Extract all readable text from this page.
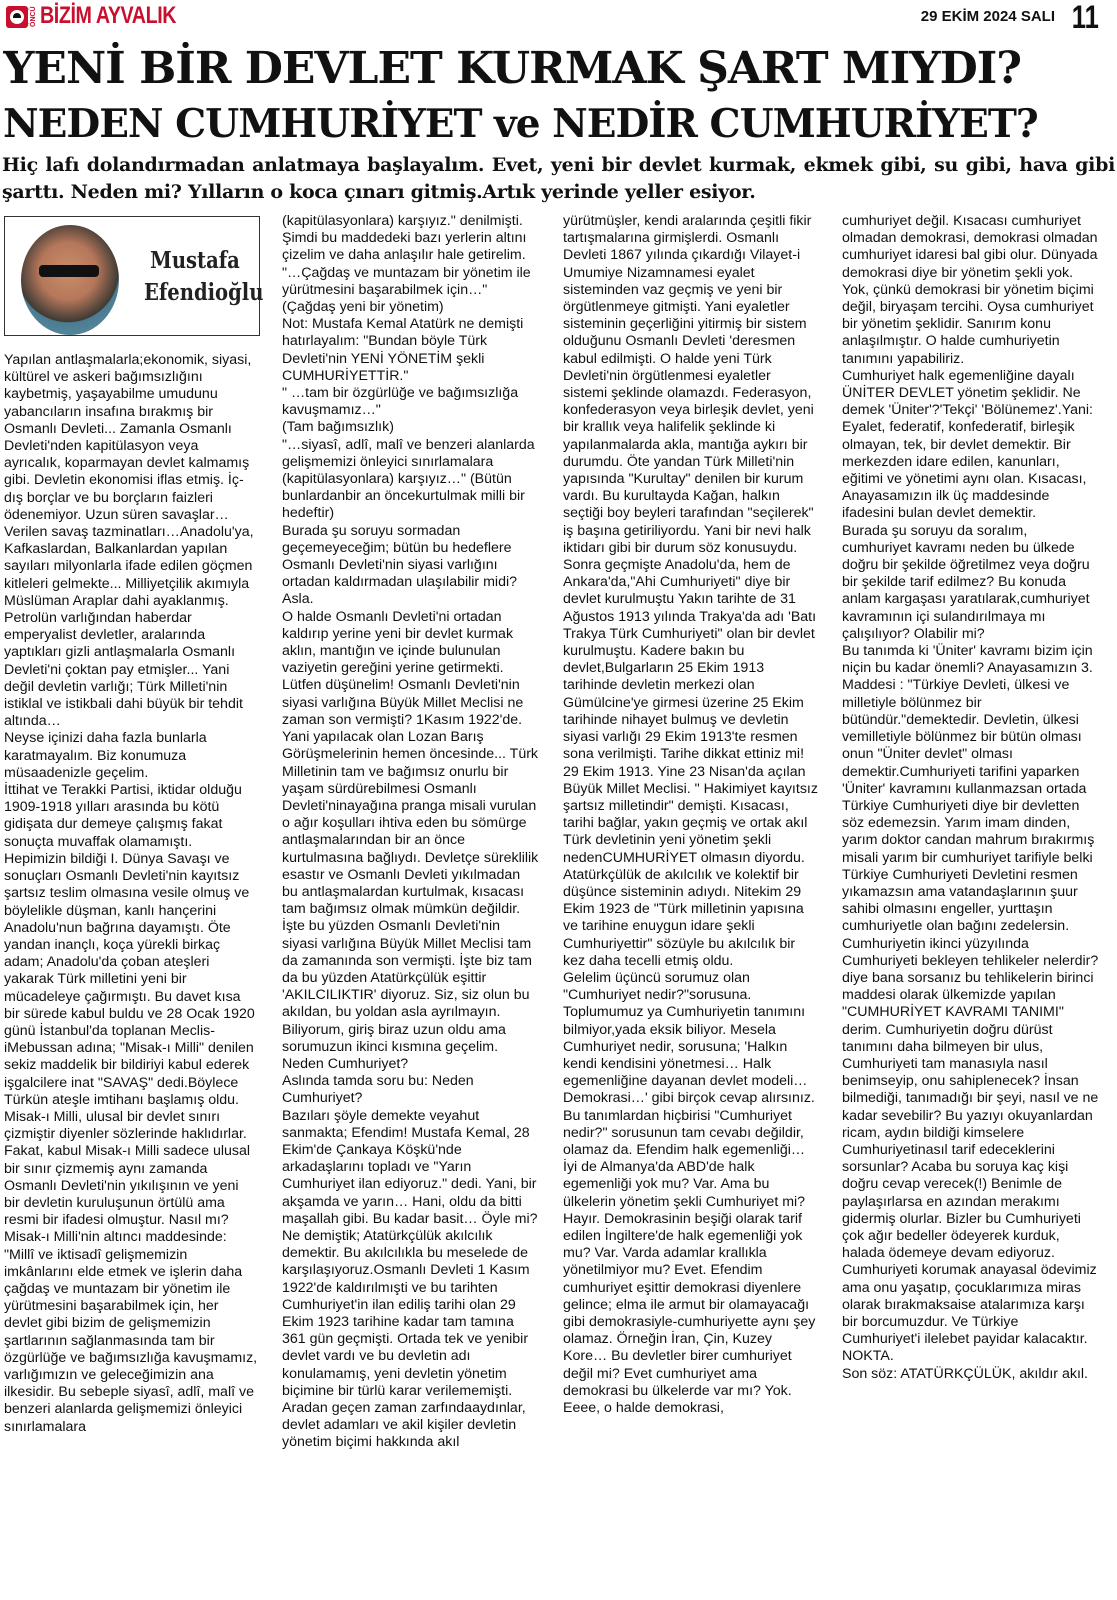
ÖNCÜ BİZİM AYVALIK	29 EKİM 2024 SALI 11
YENİ BİR DEVLET KURMAK ŞART MIYDI?
NEDEN CUMHURİYET ve NEDİR CUMHURİYET?
Hiç lafı dolandırmadan anlatmaya başlayalım. Evet, yeni bir devlet kurmak, ekmek gibi, su gibi, hava gibi şarttı. Neden mi? Yılların o koca çınarı gitmiş.Artık yerinde yeller esiyor.
Mustafa Efendioğlu

Yapılan antlaşmalarla;ekonomik, siyasi, kültürel ve askeri bağımsızlığını kaybetmiş, yaşayabilme umudunu yabancıların insafına bırakmış bir Osmanlı Devleti... Zamanla Osmanlı Devleti'nden kapitülasyon veya ayrıcalık, koparmayan devlet kalmamış gibi. Devletin ekonomisi iflas etmiş. İç-dış borçlar ve bu borçların faizleri ödenemiyor. Uzun süren savaşlar…Verilen savaş tazminatları…Anadolu'ya, Kafkaslardan, Balkanlardan yapılan sayıları milyonlarla ifade edilen göçmen kitleleri gelmekte... Milliyetçilik akımıyla Müslüman Araplar dahi ayaklanmış. Petrolün varlığından haberdar emperyalist devletler, aralarında yaptıkları gizli antlaşmalarla Osmanlı Devleti'ni çoktan pay etmişler... Yani değil devletin varlığı; Türk Milleti'nin istiklal ve istikbali dahi büyük bir tehdit altında…
Neyse içinizi daha fazla bunlarla karatmayalım. Biz konumuza müsaadenizle geçelim.
İttihat ve Terakki Partisi, iktidar olduğu 1909-1918 yılları arasında bu kötü gidişata dur demeye çalışmış fakat sonuçta muvaffak olamamıştı. Hepimizin bildiği I. Dünya Savaşı ve sonuçları Osmanlı Devleti'nin kayıtsız şartsız teslim olmasına vesile olmuş ve böylelikle düşman, kanlı hançerini Anadolu'nun bağrına dayamıştı. Öte yandan inançlı, koça yürekli birkaç adam; Anadolu'da çoban ateşleri yakarak Türk milletini yeni bir mücadeleye çağırmıştı. Bu davet kısa bir sürede kabul buldu ve 28 Ocak 1920 günü İstanbul'da toplanan Meclis-iMebussan adına; "Misak-ı Milli" denilen sekiz maddelik bir bildiriyi kabul ederek işgalcilere inat "SAVAŞ" dedi.Böylece Türkün ateşle imtihanı başlamış oldu.
Misak-ı Milli, ulusal bir devlet sınırı çizmiştir diyenler sözlerinde haklıdırlar. Fakat, kabul Misak-ı Milli sadece ulusal bir sınır çizmemiş aynı zamanda Osmanlı Devleti'nin yıkılışının ve yeni bir devletin kuruluşunun örtülü ama resmi bir ifadesi olmuştur. Nasıl mı?
Misak-ı Milli'nin altıncı maddesinde: "Millî ve iktisadî gelişmemizin imkânlarını elde etmek ve işlerin daha çağdaş ve muntazam bir yönetim ile yürütmesini başarabilmek için, her devlet gibi bizim de gelişmemizin şartlarının sağlanmasında tam bir özgürlüğe ve bağımsızlığa kavuşmamız, varlığımızın ve geleceğimizin ana ilkesidir. Bu sebeple siyasî, adlî, malî ve benzeri alanlarda gelişmemizi önleyici sınırlamalara

(kapitülasyonlara) karşıyız." denilmişti. Şimdi bu maddedeki bazı yerlerin altını çizelim ve daha anlaşılır hale getirelim.
"…Çağdaş ve muntazam bir yönetim ile yürütmesini başarabilmek için…"
(Çağdaş yeni bir yönetim)
Not: Mustafa Kemal Atatürk ne demişti hatırlayalım: "Bundan böyle Türk Devleti'nin YENİ YÖNETİM şekli CUMHURİYETTİR."
" …tam bir özgürlüğe ve bağımsızlığa kavuşmamız…"
(Tam bağımsızlık)
"…siyasî, adlî, malî ve benzeri alanlarda gelişmemizi önleyici sınırlamalara (kapitülasyonlara) karşıyız…" (Bütün bunlardanbir an öncekurtulmak milli bir hedeftir)
Burada şu soruyu sormadan geçemeyeceğim; bütün bu hedeflere Osmanlı Devleti'nin siyasi varlığını ortadan kaldırmadan ulaşılabilir midi? Asla.
O halde Osmanlı Devleti'ni ortadan kaldırıp yerine yeni bir devlet kurmak aklın, mantığın ve içinde bulunulan vaziyetin gereğini yerine getirmekti. Lütfen düşünelim! Osmanlı Devleti'nin siyasi varlığına Büyük Millet Meclisi ne zaman son vermişti? 1Kasım 1922'de. Yani yapılacak olan Lozan Barış Görüşmelerinin hemen öncesinde... Türk Milletinin tam ve bağımsız onurlu bir yaşam sürdürebilmesi Osmanlı Devleti'ninayağına pranga misali vurulan o ağır koşulları ihtiva eden bu sömürge antlaşmalarından bir an önce kurtulmasına bağlıydı. Devletçe süreklilik esastır ve Osmanlı Devleti yıkılmadan bu antlaşmalardan kurtulmak, kısacası tam bağımsız olmak mümkün değildir. İşte bu yüzden Osmanlı Devleti'nin siyasi varlığına Büyük Millet Meclisi tam da zamanında son vermişti. İşte biz tam da bu yüzden Atatürkçülük eşittir 'AKILCILIKTIR' diyoruz. Siz, siz olun bu akıldan, bu yoldan asla ayrılmayın. Biliyorum, giriş biraz uzun oldu ama sorumuzun ikinci kısmına geçelim.
Neden Cumhuriyet?
Aslında tamda soru bu: Neden Cumhuriyet?
Bazıları şöyle demekte veyahut sanmakta; Efendim! Mustafa Kemal, 28 Ekim'de Çankaya Köşkü'nde arkadaşlarını topladı ve "Yarın Cumhuriyet ilan ediyoruz." dedi. Yani, bir akşamda ve yarın… Hani, oldu da bitti maşallah gibi. Bu kadar basit… Öyle mi?
Ne demiştik; Atatürkçülük akılcılık demektir. Bu akılcılıkla bu meselede de karşılaşıyoruz.Osmanlı Devleti 1 Kasım 1922'de kaldırılmışti ve bu tarihten Cumhuriyet'in ilan ediliş tarihi olan 29 Ekim 1923 tarihine kadar tam tamına 361 gün geçmişti. Ortada tek ve yenibir devlet vardı ve bu devletin adı konulamamış, yeni devletin yönetim biçimine bir türlü karar verilememişti. Aradan geçen zaman zarfındaaydınlar, devlet adamları ve akil kişiler devletin yönetim biçimi hakkında akıl

yürütmüşler, kendi aralarında çeşitli fikir tartışmalarına girmişlerdi. Osmanlı Devleti 1867 yılında çıkardığı Vilayet-i Umumiye Nizamnamesi eyalet sisteminden vaz geçmiş ve yeni bir örgütlenmeye gitmişti. Yani eyaletler sisteminin geçerliğini yitirmiş bir sistem olduğunu Osmanlı Devleti 'deresmen kabul edilmişti. O halde yeni Türk Devleti'nin örgütlenmesi eyaletler sistemi şeklinde olamazdı. Federasyon, konfederasyon veya birleşik devlet, yeni bir krallık veya halifelik şeklinde ki yapılanmalarda akla, mantığa aykırı bir durumdu. Öte yandan Türk Milleti'nin yapısında "Kurultay" denilen bir kurum vardı. Bu kurultayda Kağan, halkın seçtiği boy beyleri tarafından "seçilerek" iş başına getiriliyordu. Yani bir nevi halk iktidarı gibi bir durum söz konusuydu. Sonra geçmişte Anadolu'da, hem de Ankara'da,"Ahi Cumhuriyeti" diye bir devlet kurulmuştu Yakın tarihte de 31 Ağustos 1913 yılında Trakya'da adı 'Batı Trakya Türk Cumhuriyeti" olan bir devlet kurulmuştu. Kadere bakın bu devlet,Bulgarların 25 Ekim 1913 tarihinde devletin merkezi olan Gümülcine'ye girmesi üzerine 25 Ekim tarihinde nihayet bulmuş ve devletin siyasi varlığı 29 Ekim 1913'te resmen sona verilmişti. Tarihe dikkat ettiniz mi! 29 Ekim 1913. Yine 23 Nisan'da açılan Büyük Millet Meclisi. " Hakimiyet kayıtsız şartsız milletindir" demişti. Kısacası, tarihi bağlar, yakın geçmiş ve ortak akıl Türk devletinin yeni yönetim şekli nedenCUMHURİYET olmasın diyordu. Atatürkçülük de akılcılık ve kolektif bir düşünce sisteminin adıydı. Nitekim 29 Ekim 1923 de "Türk milletinin yapısına ve tarihine enuygun idare şekli Cumhuriyettir" sözüyle bu akılcılık bir kez daha tecelli etmiş oldu.
Gelelim üçüncü sorumuz olan "Cumhuriyet nedir?"sorusuna.
Toplumumuz ya Cumhuriyetin tanımını bilmiyor,yada eksik biliyor. Mesela Cumhuriyet nedir, sorusuna; 'Halkın kendi kendisini yönetmesi… Halk egemenliğine dayanan devlet modeli… Demokrasi…' gibi birçok cevap alırsınız. Bu tanımlardan hiçbirisi "Cumhuriyet nedir?" sorusunun tam cevabı değildir, olamaz da. Efendim halk egemenliği…İyi de Almanya'da ABD'de halk egemenliği yok mu? Var. Ama bu ülkelerin yönetim şekli Cumhuriyet mi? Hayır. Demokrasinin beşiği olarak tarif edilen İngiltere'de halk egemenliği yok mu? Var. Varda adamlar krallıkla yönetilmiyor mu? Evet. Efendim cumhuriyet eşittir demokrasi diyenlere gelince; elma ile armut bir olamayacağı gibi demokrasiyle-cumhuriyette aynı şey olamaz. Örneğin İran, Çin, Kuzey Kore… Bu devletler birer cumhuriyet değil mi? Evet cumhuriyet ama demokrasi bu ülkelerde var mı? Yok. Eeee, o halde demokrasi,

cumhuriyet değil. Kısacası cumhuriyet olmadan demokrasi, demokrasi olmadan cumhuriyet idaresi bal gibi olur. Dünyada demokrasi diye bir yönetim şekli yok. Yok, çünkü demokrasi bir yönetim biçimi değil, biryaşam tercihi. Oysa cumhuriyet bir yönetim şeklidir. Sanırım konu anlaşılmıştır. O halde cumhuriyetin tanımını yapabiliriz.
Cumhuriyet halk egemenliğine dayalı ÜNİTER DEVLET yönetim şeklidir. Ne demek 'Üniter'?'Tekçi' 'Bölünemez'.Yani: Eyalet, federatif, konfederatif, birleşik olmayan, tek, bir devlet demektir. Bir merkezden idare edilen, kanunları, eğitimi ve yönetimi aynı olan. Kısacası, Anayasamızın ilk üç maddesinde ifadesini bulan devlet demektir.
Burada şu soruyu da soralım, cumhuriyet kavramı neden bu ülkede doğru bir şekilde öğretilmez veya doğru bir şekilde tarif edilmez? Bu konuda anlam kargaşası yaratılarak,cumhuriyet kavramının içi sulandırılmaya mı çalışılıyor? Olabilir mi?
Bu tanımda ki 'Üniter' kavramı bizim için niçin bu kadar önemli? Anayasamızın 3. Maddesi : "Türkiye Devleti, ülkesi ve milletiyle bölünmez bir bütündür."demektedir. Devletin, ülkesi vemilletiyle bölünmez bir bütün olması onun "Üniter devlet" olması demektir.Cumhuriyeti tarifini yaparken 'Üniter' kavramını kullanmazsan ortada Türkiye Cumhuriyeti diye bir devletten söz edemezsin. Yarım imam dinden, yarım doktor candan mahrum bırakırmış misali yarım bir cumhuriyet tarifiyle belki Türkiye Cumhuriyeti Devletini resmen yıkamazsın ama vatandaşlarının şuur sahibi olmasını engeller, yurttaşın cumhuriyetle olan bağını zedelersin. Cumhuriyetin ikinci yüzyılında Cumhuriyeti bekleyen tehlikeler nelerdir? diye bana sorsanız bu tehlikelerin birinci maddesi olarak ülkemizde yapılan "CUMHURİYET KAVRAMI TANIMI" derim. Cumhuriyetin doğru dürüst tanımını daha bilmeyen bir ulus, Cumhuriyeti tam manasıyla nasıl benimseyip, onu sahiplenecek? İnsan bilmediği, tanımadığı bir şeyi, nasıl ve ne kadar sevebilir? Bu yazıyı okuyanlardan ricam, aydın bildiği kimselere Cumhuriyetinasıl tarif edeceklerini sorsunlar? Acaba bu soruya kaç kişi doğru cevap verecek(!) Benimle de paylaşırlarsa en azından merakımı gidermiş olurlar. Bizler bu Cumhuriyeti çok ağır bedeller ödeyerek kurduk, halada ödemeye devam ediyoruz. Cumhuriyeti korumak anayasal ödevimiz ama onu yaşatıp, çocuklarımıza miras olarak bırakmaksaise atalarımıza karşı bir borcumuzdur. Ve Türkiye Cumhuriyet'i ilelebet payidar kalacaktır. NOKTA.
Son söz: ATATÜRKÇÜLÜK, akıldır akıl.
